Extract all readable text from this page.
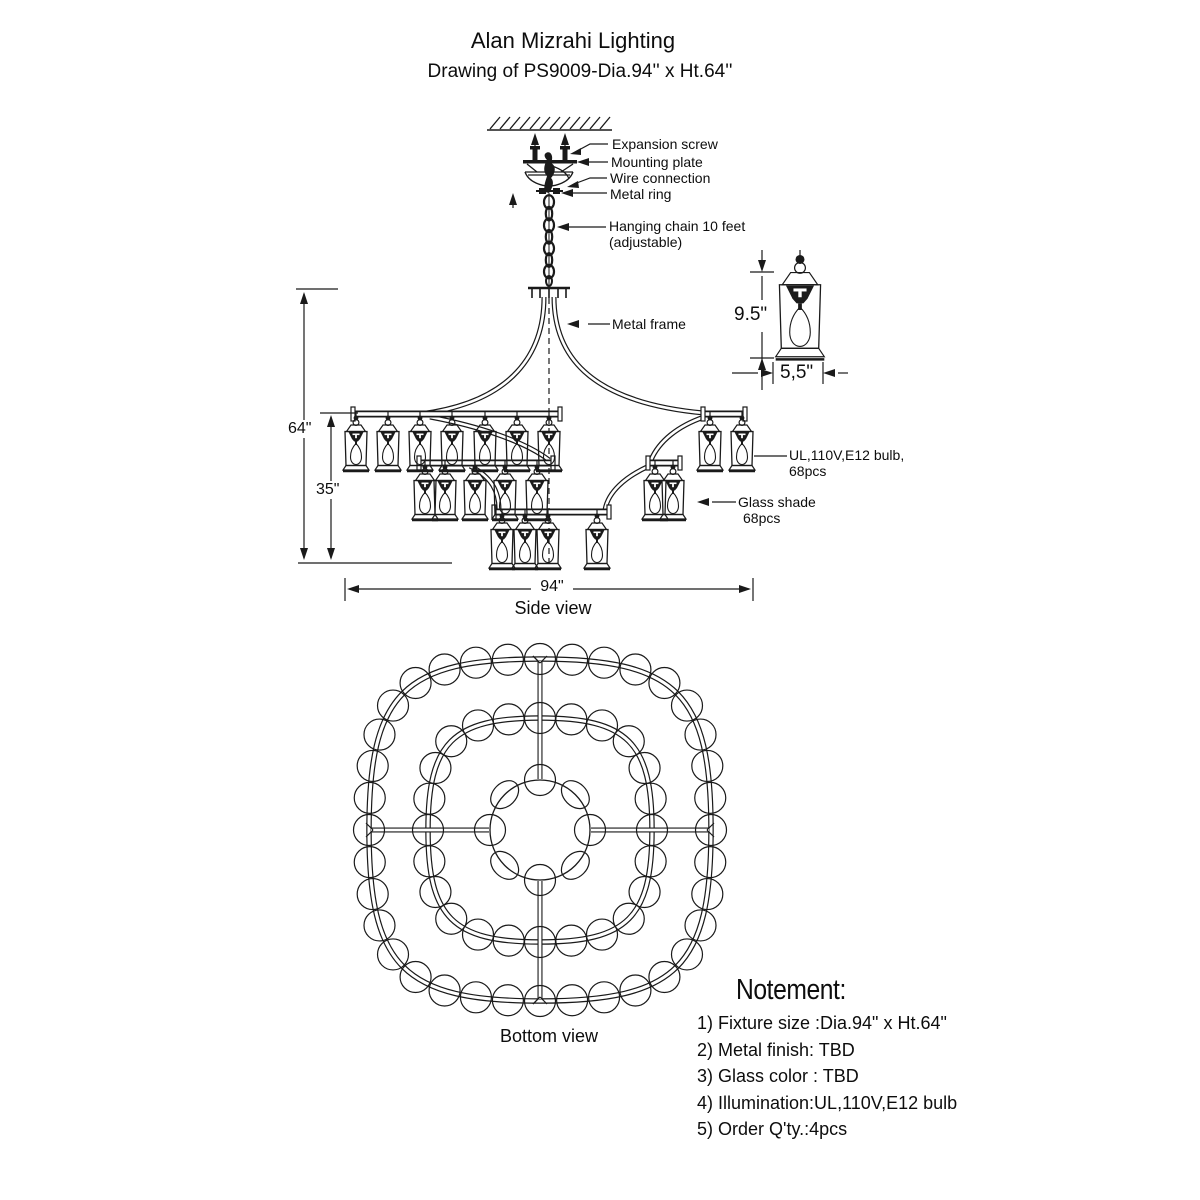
Alan Mizrahi Lighting
Drawing of PS9009-Dia.94'' x Ht.64''
Expansion screw
Mounting plate
Wire connection
Metal ring
Hanging chain 10 feet
(adjustable)
Metal frame
UL,110V,E12 bulb,
68pcs
Glass shade
68pcs
9.5"
5,5"
64"
35"
94"
Side view
Bottom view
Notement:
1) Fixture size :Dia.94" x Ht.64"
2) Metal finish: TBD
3) Glass color : TBD
4) Illumination:UL,110V,E12 bulb
5) Order Q'ty.:4pcs
